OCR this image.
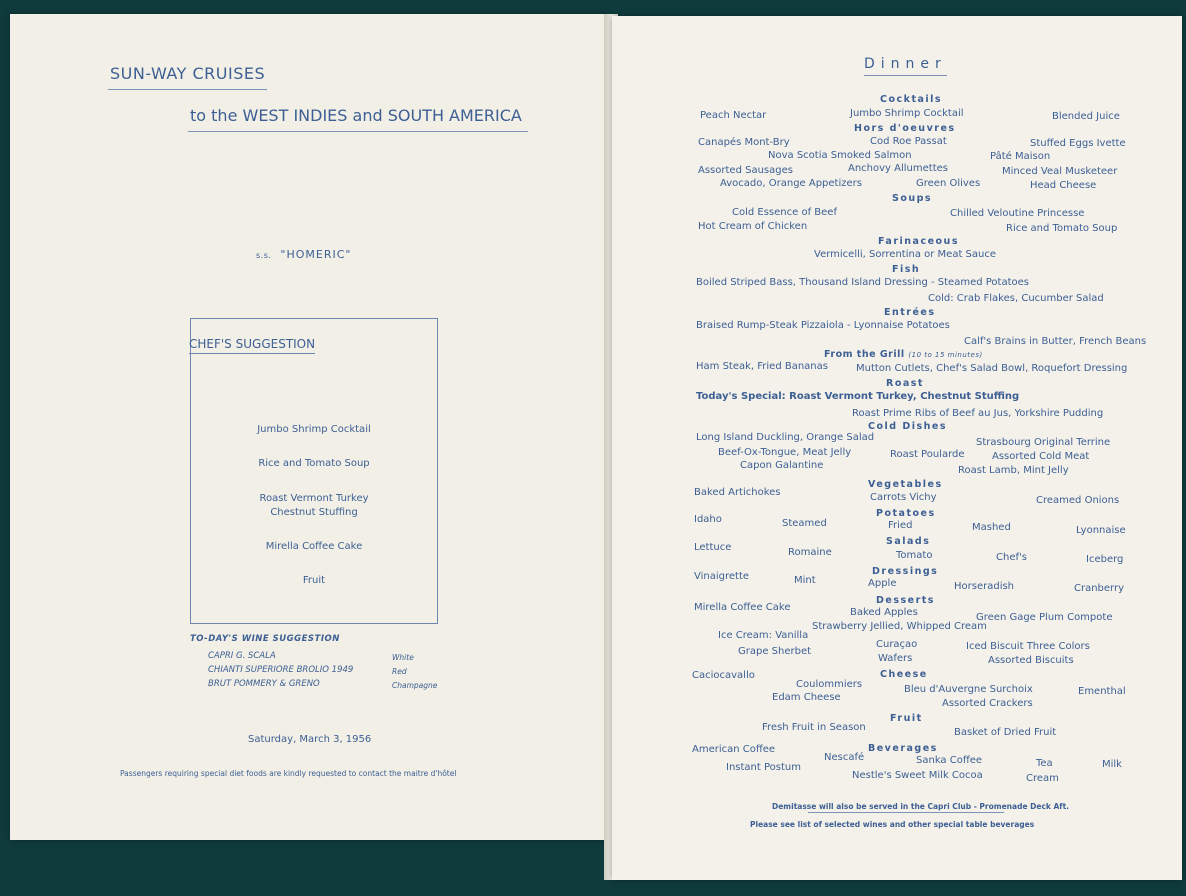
SUN-WAY CRUISES
to the WEST INDIES and SOUTH AMERICA
s.s. "HOMERIC"
CHEF'S SUGGESTION
Jumbo Shrimp Cocktail
Rice and Tomato Soup
Roast Vermont Turkey
Chestnut Stuffing
Mirella Coffee Cake
Fruit
TO-DAY'S WINE SUGGESTION
CAPRI G. SCALA	White
CHIANTI SUPERIORE BROLIO 1949	Red
BRUT POMMERY & GRENO	Champagne
Saturday, March 3, 1956
Passengers requiring special diet foods are kindly requested to contact the maitre d'hôtel
Dinner
Cocktails
Peach Nectar	Jumbo Shrimp Cocktail	Blended Juice
Hors d'oeuvres
Canapés Mont-Bry	Cod Roe Passat	Stuffed Eggs Ivette
Nova Scotia Smoked Salmon	Pâté Maison
Assorted Sausages	Anchovy Allumettes	Minced Veal Musketeer
Avocado, Orange Appetizers	Green Olives	Head Cheese
Soups
Cold Essence of Beef	Chilled Veloutine Princesse
Hot Cream of Chicken	Rice and Tomato Soup
Farinaceous
Vermicelli, Sorrentina or Meat Sauce
Fish
Boiled Striped Bass, Thousand Island Dressing - Steamed Potatoes
Cold: Crab Flakes, Cucumber Salad
Entrées
Braised Rump-Steak Pizzaiola - Lyonnaise Potatoes
Calf's Brains in Butter, French Beans
From the Grill (10 to 15 minutes)
Ham Steak, Fried Bananas	Mutton Cutlets, Chef's Salad Bowl, Roquefort Dressing
Roast
Today's Special: Roast Vermont Turkey, Chestnut Stuffing
Roast Prime Ribs of Beef au Jus, Yorkshire Pudding
Cold Dishes
Long Island Duckling, Orange Salad	Strasbourg Original Terrine
Beef-Ox-Tongue, Meat Jelly	Roast Poularde	Assorted Cold Meat
Capon Galantine	Roast Lamb, Mint Jelly
Vegetables
Baked Artichokes	Carrots Vichy	Creamed Onions
Potatoes
Idaho	Steamed	Fried	Mashed	Lyonnaise
Salads
Lettuce	Romaine	Tomato	Chef's	Iceberg
Dressings
Vinaigrette	Mint	Apple	Horseradish	Cranberry
Desserts
Mirella Coffee Cake	Baked Apples	Green Gage Plum Compote
Strawberry Jellied, Whipped Cream
Ice Cream: Vanilla
Curaçao	Iced Biscuit Three Colors
Grape Sherbet
Wafers	Assorted Biscuits
Cheese
Caciocavallo
Coulommiers	Bleu d'Auvergne Surchoix	Ementhal
Edam Cheese
Assorted Crackers
Fruit
Fresh Fruit in Season	Basket of Dried Fruit
Beverages
American Coffee
Nescafé	Sanka Coffee	Tea	Milk
Instant Postum
Nestle's Sweet Milk Cocoa	Cream
Demitasse will also be served in the Capri Club - Promenade Deck Aft.
Please see list of selected wines and other special table beverages
